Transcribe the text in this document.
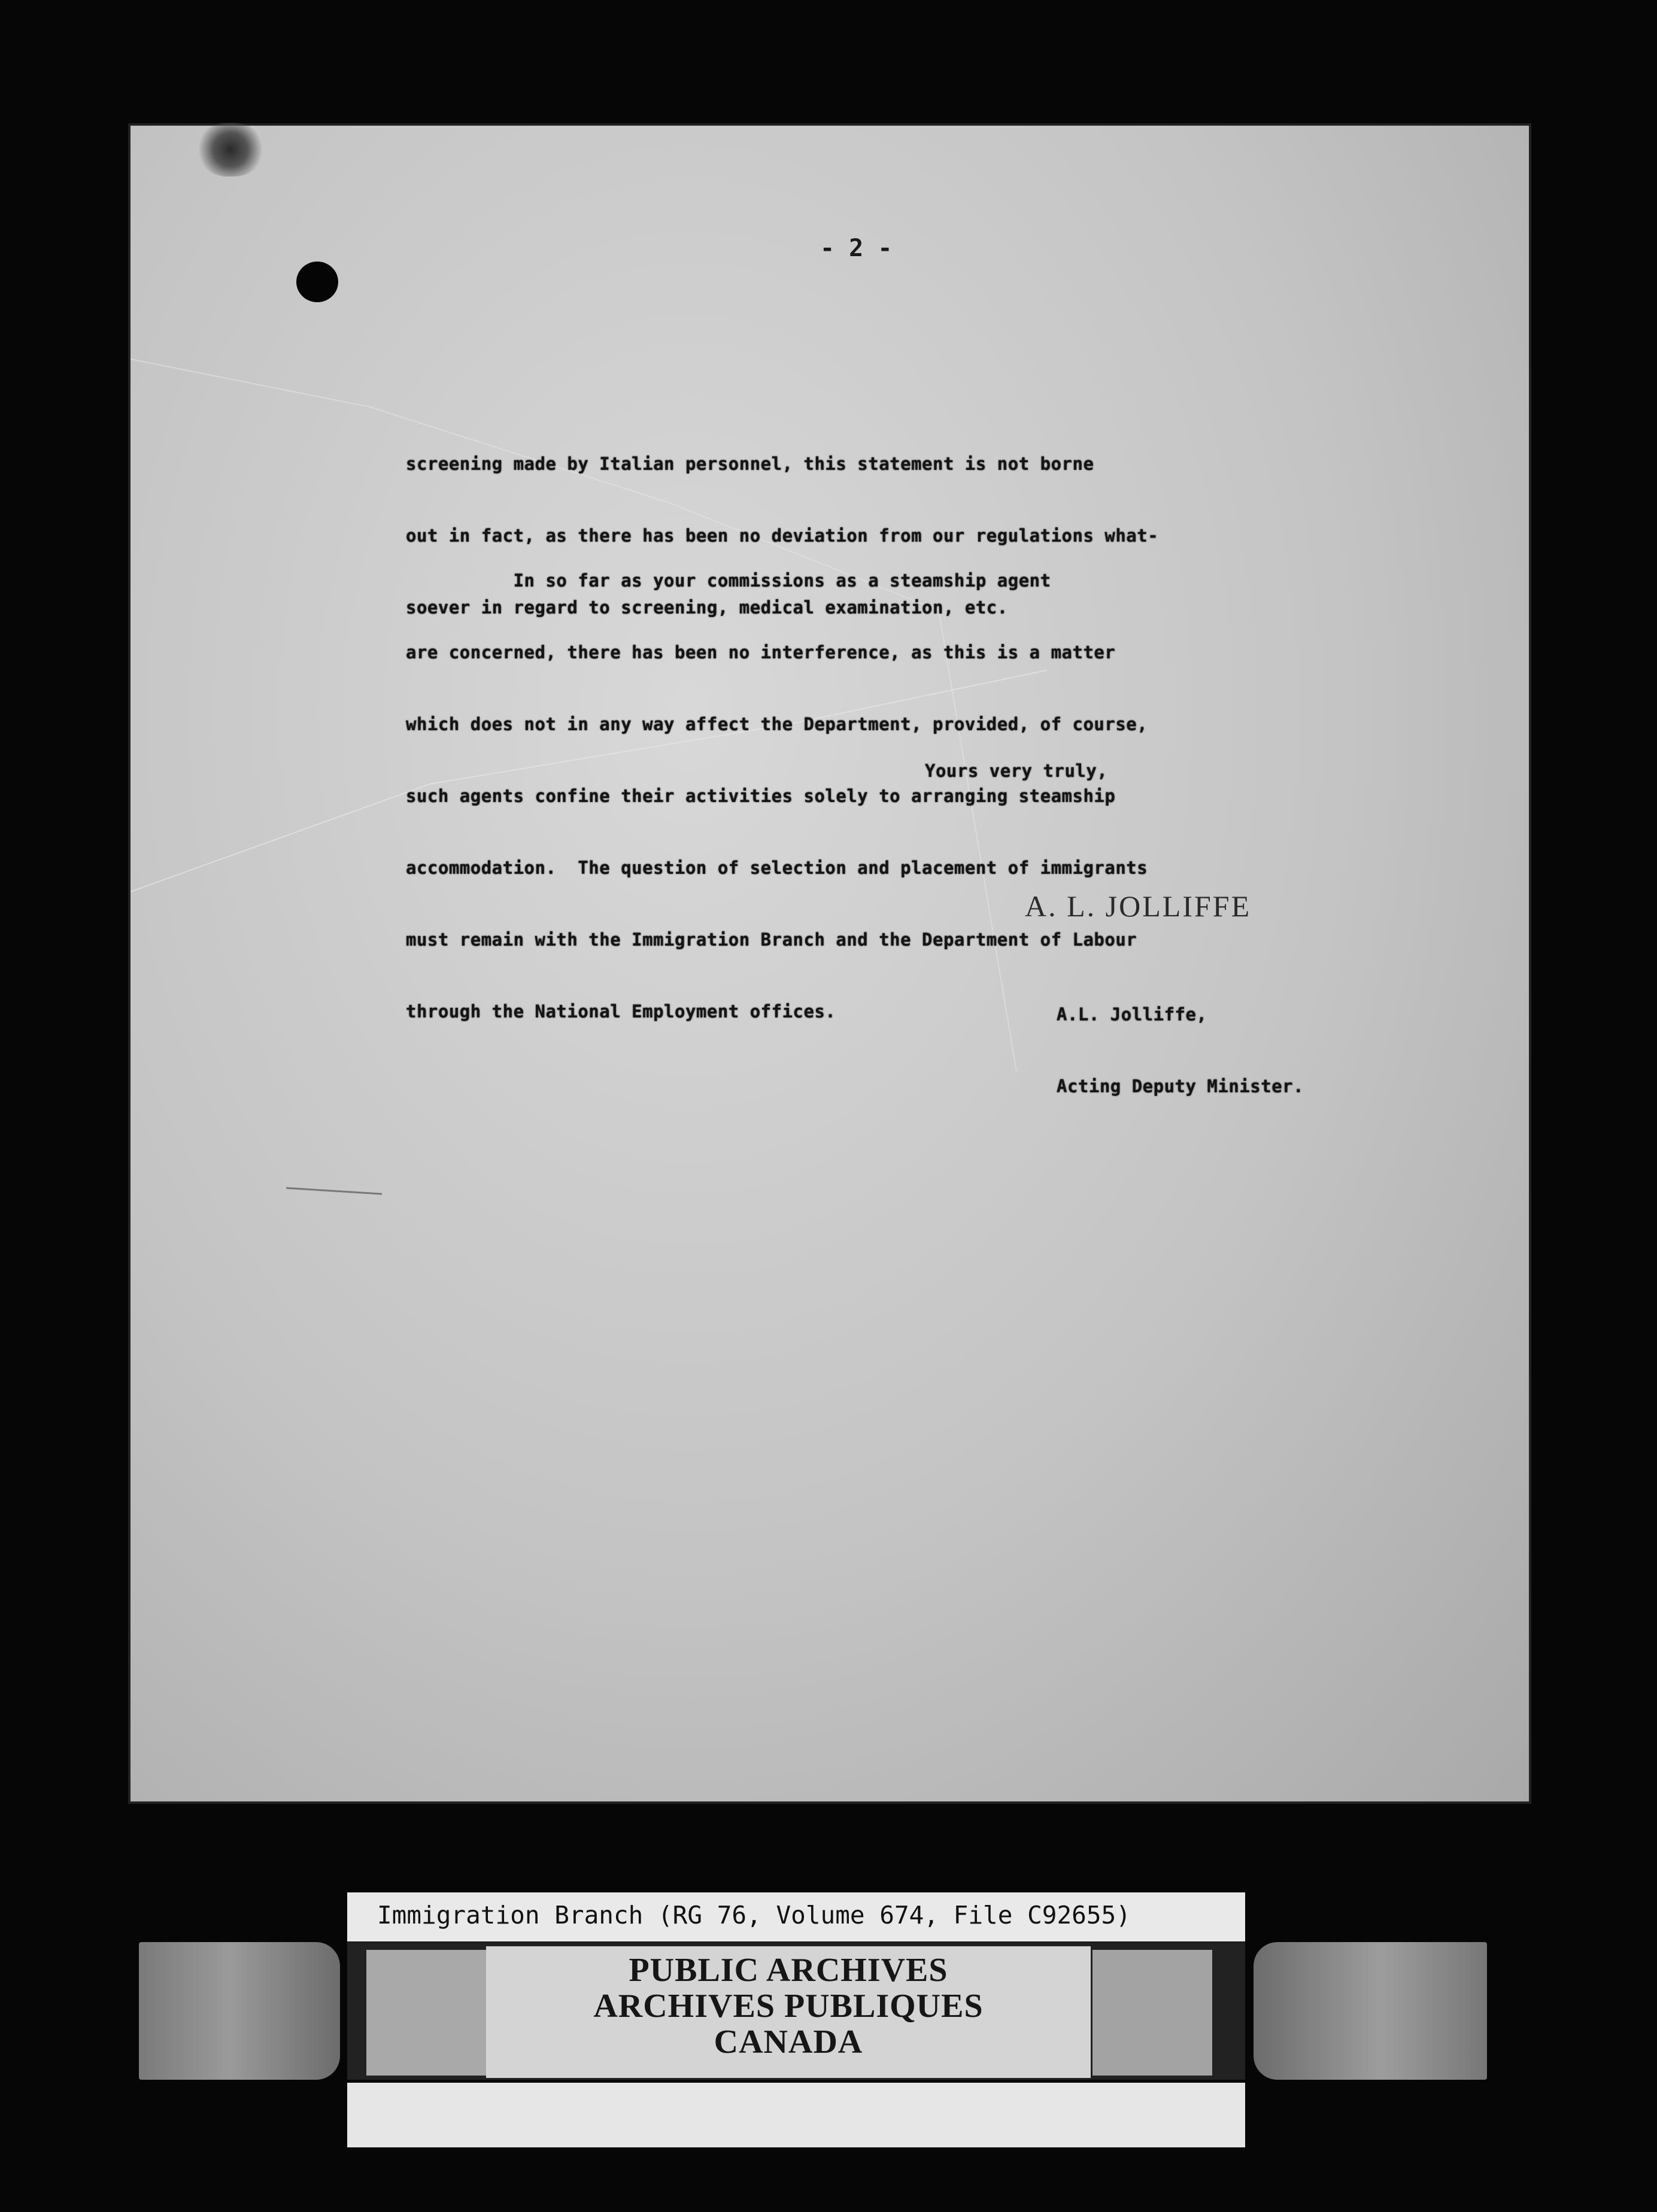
- 2 -

screening made by Italian personnel, this statement is not borne

out in fact, as there has been no deviation from our regulations what-

soever in regard to screening, medical examination, etc.

In so far as your commissions as a steamship agent

are concerned, there has been no interference, as this is a matter

which does not in any way affect the Department, provided, of course,

such agents confine their activities solely to arranging steamship

accommodation.  The question of selection and placement of immigrants

must remain with the Immigration Branch and the Department of Labour

through the National Employment offices.

Yours very truly,
A. L. JOLLIFFE

A.L. Jolliffe,

Acting Deputy Minister.

Immigration Branch (RG 76, Volume 674, File C92655)
PUBLIC ARCHIVES
ARCHIVES PUBLIQUES
CANADA
